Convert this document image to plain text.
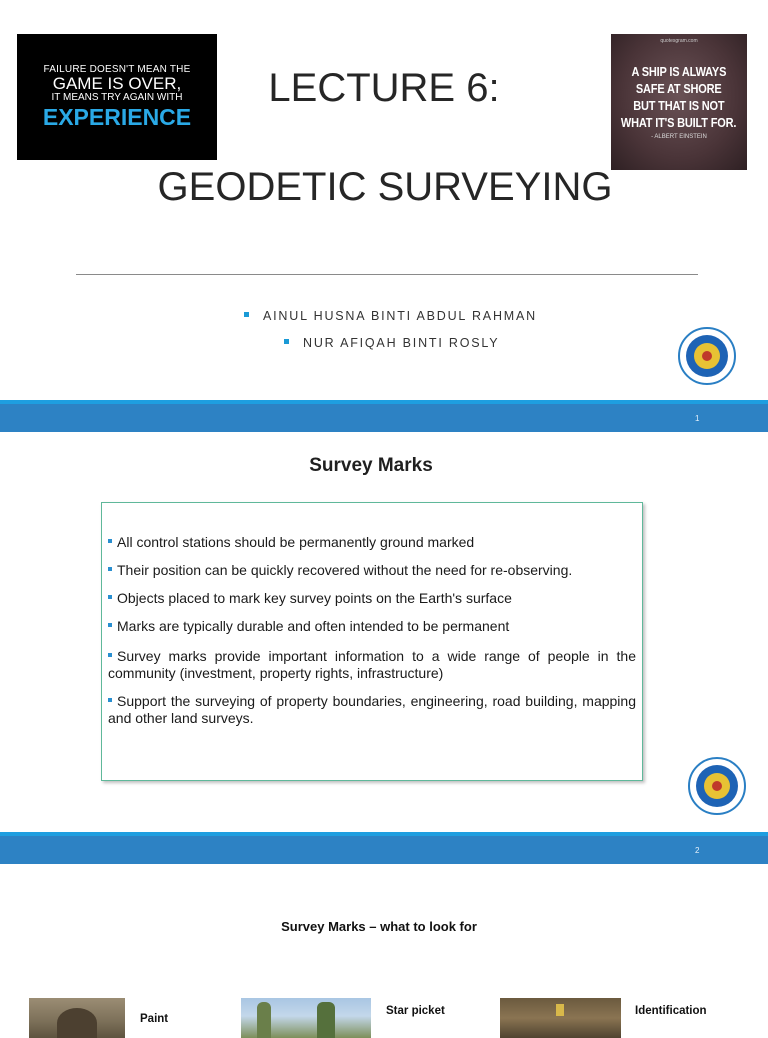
FAILURE DOESN'T MEAN THE
GAME IS OVER,
IT MEANS TRY AGAIN WITH
EXPERIENCE
LECTURE 6:
quotesgram.com
A SHIP IS ALWAYS
SAFE AT SHORE
BUT THAT IS NOT
WHAT IT'S BUILT FOR.
- ALBERT EINSTEIN
GEODETIC SURVEYING
AINUL HUSNA BINTI ABDUL RAHMAN
NUR AFIQAH BINTI ROSLY
1
Survey Marks
All control stations should be permanently ground marked
Their position can be quickly recovered without the need for re-observing.
Objects placed to mark key survey points on the Earth's surface
Marks are typically durable and often intended to be permanent
Survey marks provide important information to a wide range of people in the community (investment, property rights, infrastructure)
Support the surveying of property boundaries, engineering, road building, mapping and other land surveys.
2
Survey Marks – what to look for
Paint
Star picket	Identification
